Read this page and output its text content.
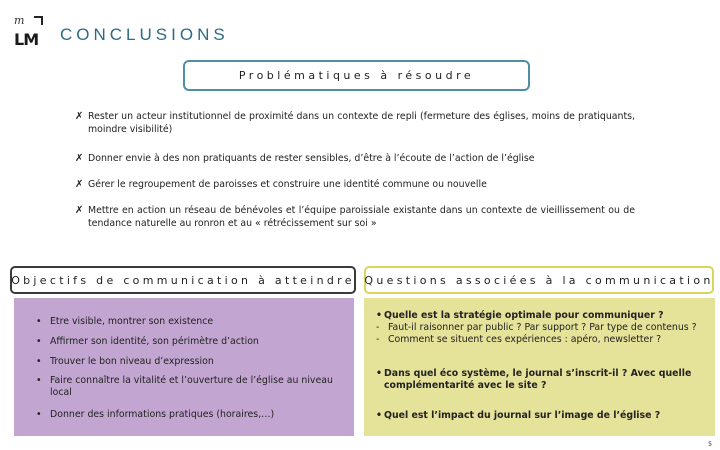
m
LM CONCLUSIONS
Problématiques à résoudre
✗ Rester un acteur institutionnel de proximité dans un contexte de repli (fermeture des églises, moins de pratiquants, moindre visibilité)
✗ Donner envie à des non pratiquants de rester sensibles, d’être à l’écoute de l’action de l’église
✗ Gérer le regroupement de paroisses et construire une identité commune ou nouvelle
✗ Mettre en action un réseau de bénévoles et l’équipe paroissiale existante dans un contexte de vieillissement ou de tendance naturelle au ronron et au « rétrécissement sur soi »
Objectifs de communication à atteindre Questions associées à la communication
• Etre visible, montrer son existence
• Affirmer son identité, son périmètre d’action
• Trouver le bon niveau d’expression
• Faire connaître la vitalité et l’ouverture de l’église au niveau local
• Donner des informations pratiques (horaires,…)
• Quelle est la stratégie optimale pour communiquer ?
- Faut-il raisonner par public ? Par support ? Par type de contenus ?
- Comment se situent ces expériences : apéro, newsletter ?
• Dans quel éco système, le journal s’inscrit-il ? Avec quelle complémentarité avec le site ?
• Quel est l’impact du journal sur l’image de l’église ?
5
